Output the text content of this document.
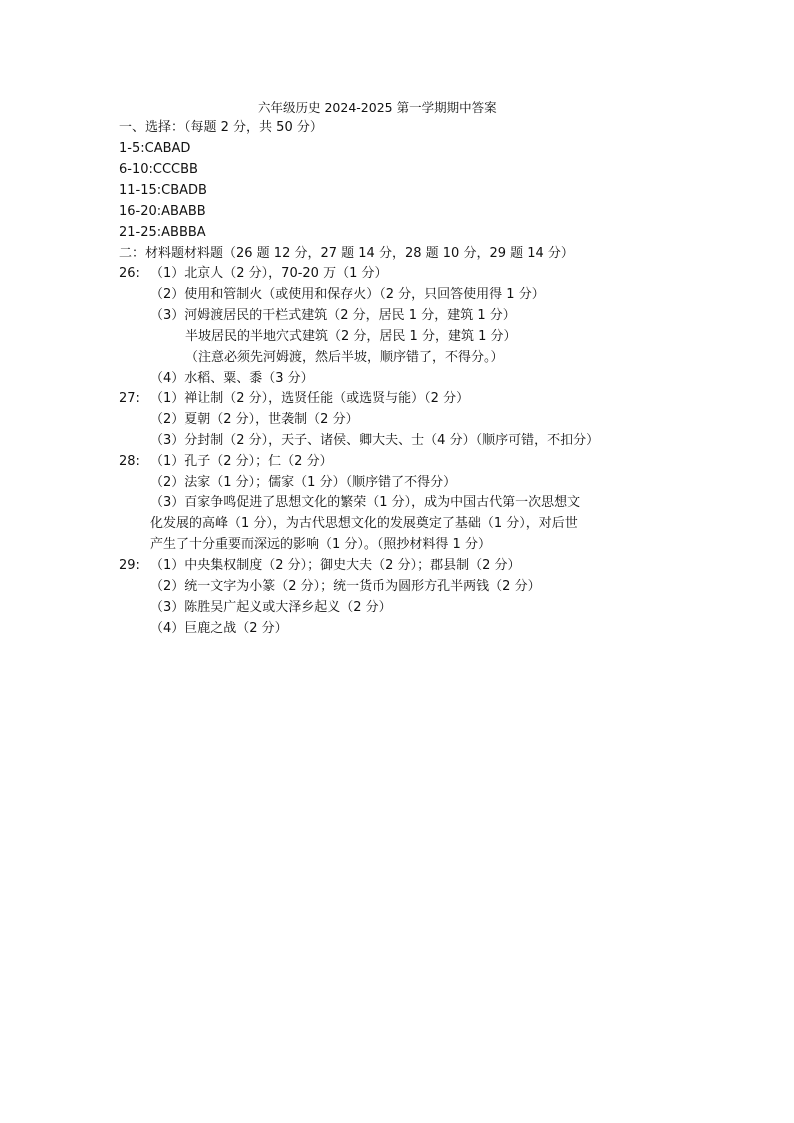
六年级历史 2024-2025 第一学期期中答案
一、选择：（每题 2 分，共 50 分）
1-5:CABAD
6-10:CCCBB
11-15:CBADB
16-20:ABABB
21-25:ABBBA
二：材料题材料题（26 题 12 分，27 题 14 分，28 题 10 分，29 题 14 分）
26: （1）北京人（2 分），70-20 万（1 分）
（2）使用和管制火（或使用和保存火）（2 分，只回答使用得 1 分）
（3）河姆渡居民的干栏式建筑（2 分，居民 1 分，建筑 1 分）
半坡居民的半地穴式建筑（2 分，居民 1 分，建筑 1 分）
（注意必须先河姆渡，然后半坡，顺序错了，不得分。）
（4）水稻、粟、黍（3 分）
27: （1）禅让制（2 分），选贤任能（或选贤与能）（2 分）
（2）夏朝（2 分），世袭制（2 分）
（3）分封制（2 分），天子、诸侯、卿大夫、士（4 分）（顺序可错，不扣分）
28: （1）孔子（2 分）；仁（2 分）
（2）法家（1 分）；儒家（1 分）（顺序错了不得分）
（3）百家争鸣促进了思想文化的繁荣（1 分），成为中国古代第一次思想文
化发展的高峰（1 分），为古代思想文化的发展奠定了基础（1 分），对后世
产生了十分重要而深远的影响（1 分）。（照抄材料得 1 分）
29: （1）中央集权制度（2 分）；御史大夫（2 分）；郡县制（2 分）
（2）统一文字为小篆（2 分）；统一货币为圆形方孔半两钱（2 分）
（3）陈胜吴广起义或大泽乡起义（2 分）
（4）巨鹿之战（2 分）
